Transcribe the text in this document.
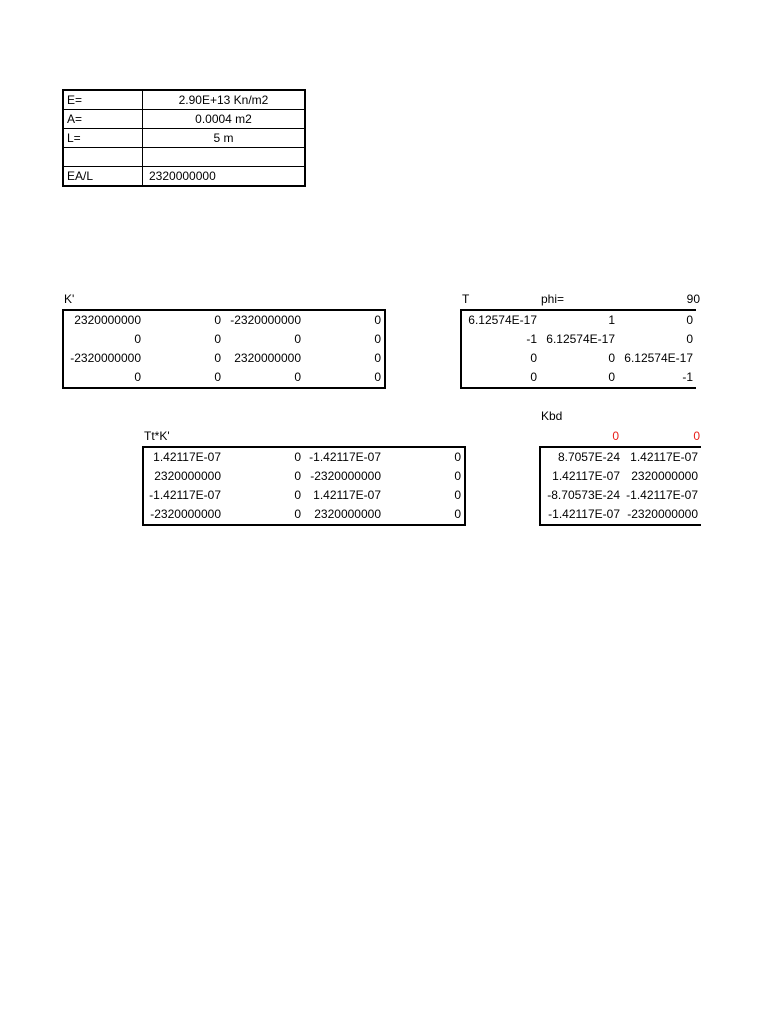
E=	2.90E+13 Kn/m2
A=	0.0004 m2
L=	5 m

EA/L	2320000000
K'
2320000000	0	-2320000000	0
0	0	0	0
-2320000000	0	2320000000	0
0	0	0	0
T	phi=	90
6.12574E-17	1	0
-1	6.12574E-17	0
0	0	6.12574E-17
0	0	-1
Tt*K'
1.42117E-07	0	-1.42117E-07	0
2320000000	0	-2320000000	0
-1.42117E-07	0	1.42117E-07	0
-2320000000	0	2320000000	0
Kbd
0	0
8.7057E-24	1.42117E-07
1.42117E-07	2320000000
-8.70573E-24	-1.42117E-07
-1.42117E-07	-2320000000
